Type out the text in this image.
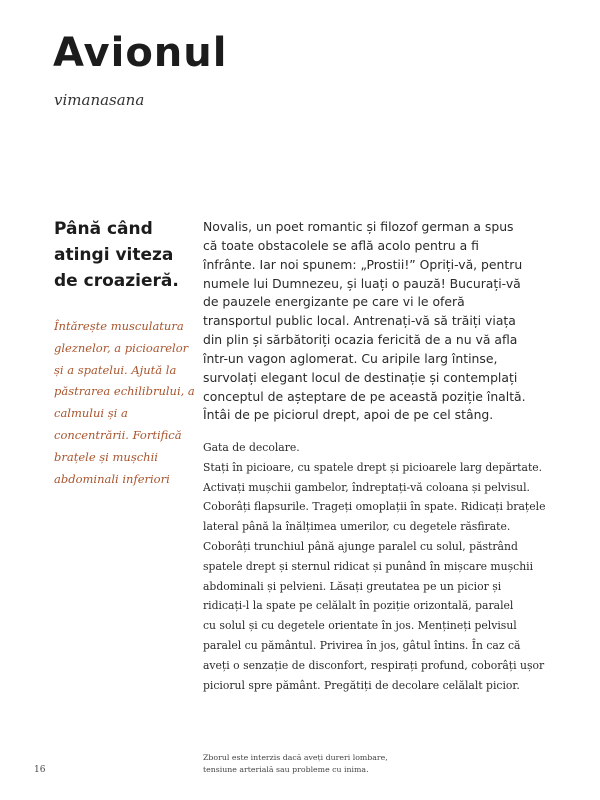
Avionul
vimanasana
Până când atingi viteza de croazieră.
Întărește musculatura gleznelor, a picioarelor și a spatelui. Ajută la păstrarea echilibrului, a calmului și a concentrării. Fortifică brațele și mușchii abdominali inferiori

Novalis, un poet romantic și filozof german a spus că toate obstacolele se află acolo pentru a fi înfrânte. Iar noi spunem: „Prostii!” Opriți-vă, pentru numele lui Dumnezeu, și luați o pauză! Bucurați-vă de pauzele energizante pe care vi le oferă transportul public local. Antrenați-vă să trăiți viața din plin și sărbătoriți ocazia fericită de a nu vă afla într-un vagon aglomerat. Cu aripile larg întinse, survolați elegant locul de destinație și contemplați conceptul de așteptare de pe această poziție înaltă. Întâi de pe piciorul drept, apoi de pe cel stâng.

Gata de decolare.
Stați în picioare, cu spatele drept și picioarele larg depărtate.
Activați mușchii gambelor, îndreptați-vă coloana și pelvisul.
Coborâți flapsurile. Trageți omoplații în spate. Ridicați brațele
lateral până la înălțimea umerilor, cu degetele răsfirate.
Coborâți trunchiul până ajunge paralel cu solul, păstrând
spatele drept și sternul ridicat și punând în mișcare mușchii
abdominali și pelvieni. Lăsați greutatea pe un picior și
ridicați-l la spate pe celălalt în poziție orizontală, paralel
cu solul și cu degetele orientate în jos. Mențineți pelvisul
paralel cu pământul. Privirea în jos, gâtul întins. În caz că
aveți o senzație de disconfort, respirați profund, coborâți ușor
piciorul spre pământ. Pregătiți de decolare celălalt picior.
Zborul este interzis dacă aveți dureri lombare,
tensiune arterială sau probleme cu inima.
16
